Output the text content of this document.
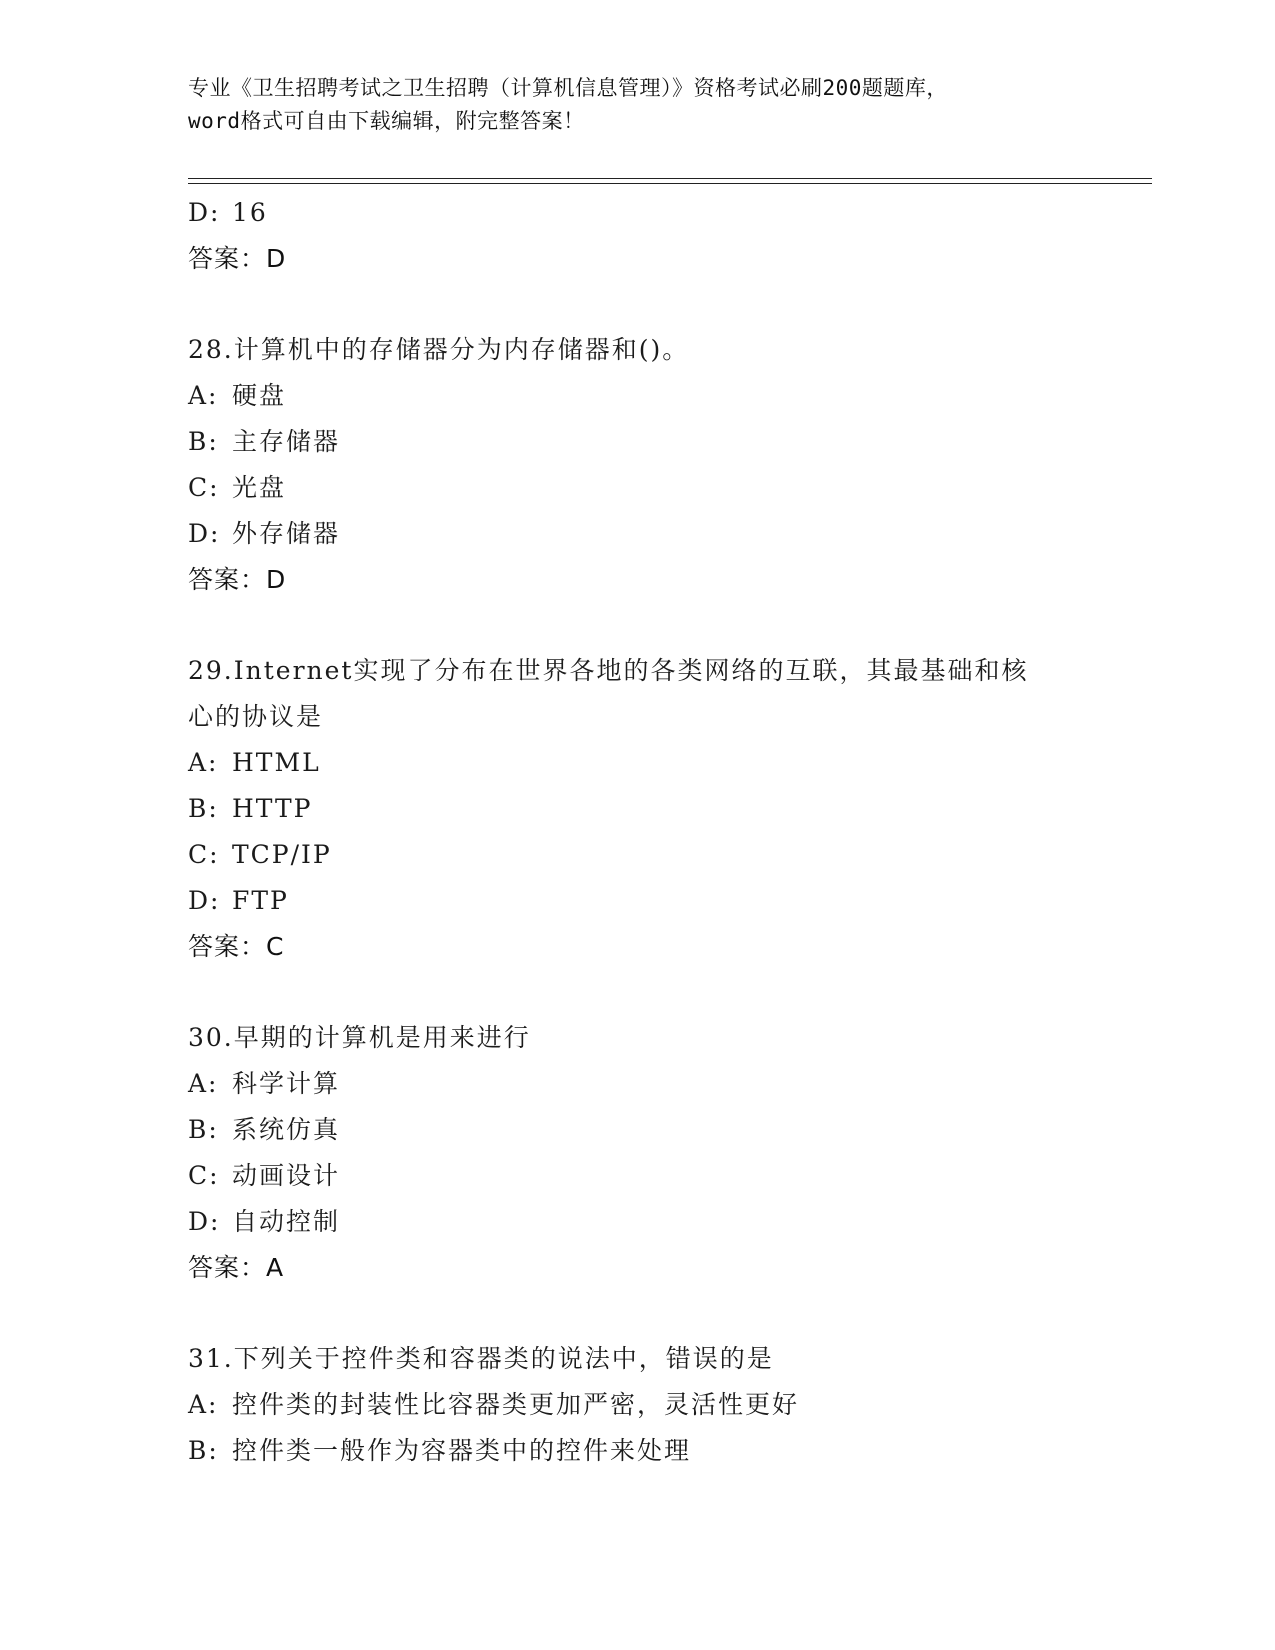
专业《卫生招聘考试之卫生招聘（计算机信息管理）》资格考试必刷200题题库，
word格式可自由下载编辑，附完整答案！
D: 16
答案：D
28.计算机中的存储器分为内存储器和()。
A: 硬盘
B: 主存储器
C: 光盘
D: 外存储器
答案：D
29.Internet实现了分布在世界各地的各类网络的互联，其最基础和核
心的协议是
A: HTML
B: HTTP
C: TCP/IP
D: FTP
答案：C
30.早期的计算机是用来进行
A: 科学计算
B: 系统仿真
C: 动画设计
D: 自动控制
答案：A
31.下列关于控件类和容器类的说法中，错误的是
A: 控件类的封装性比容器类更加严密，灵活性更好
B: 控件类一般作为容器类中的控件来处理
